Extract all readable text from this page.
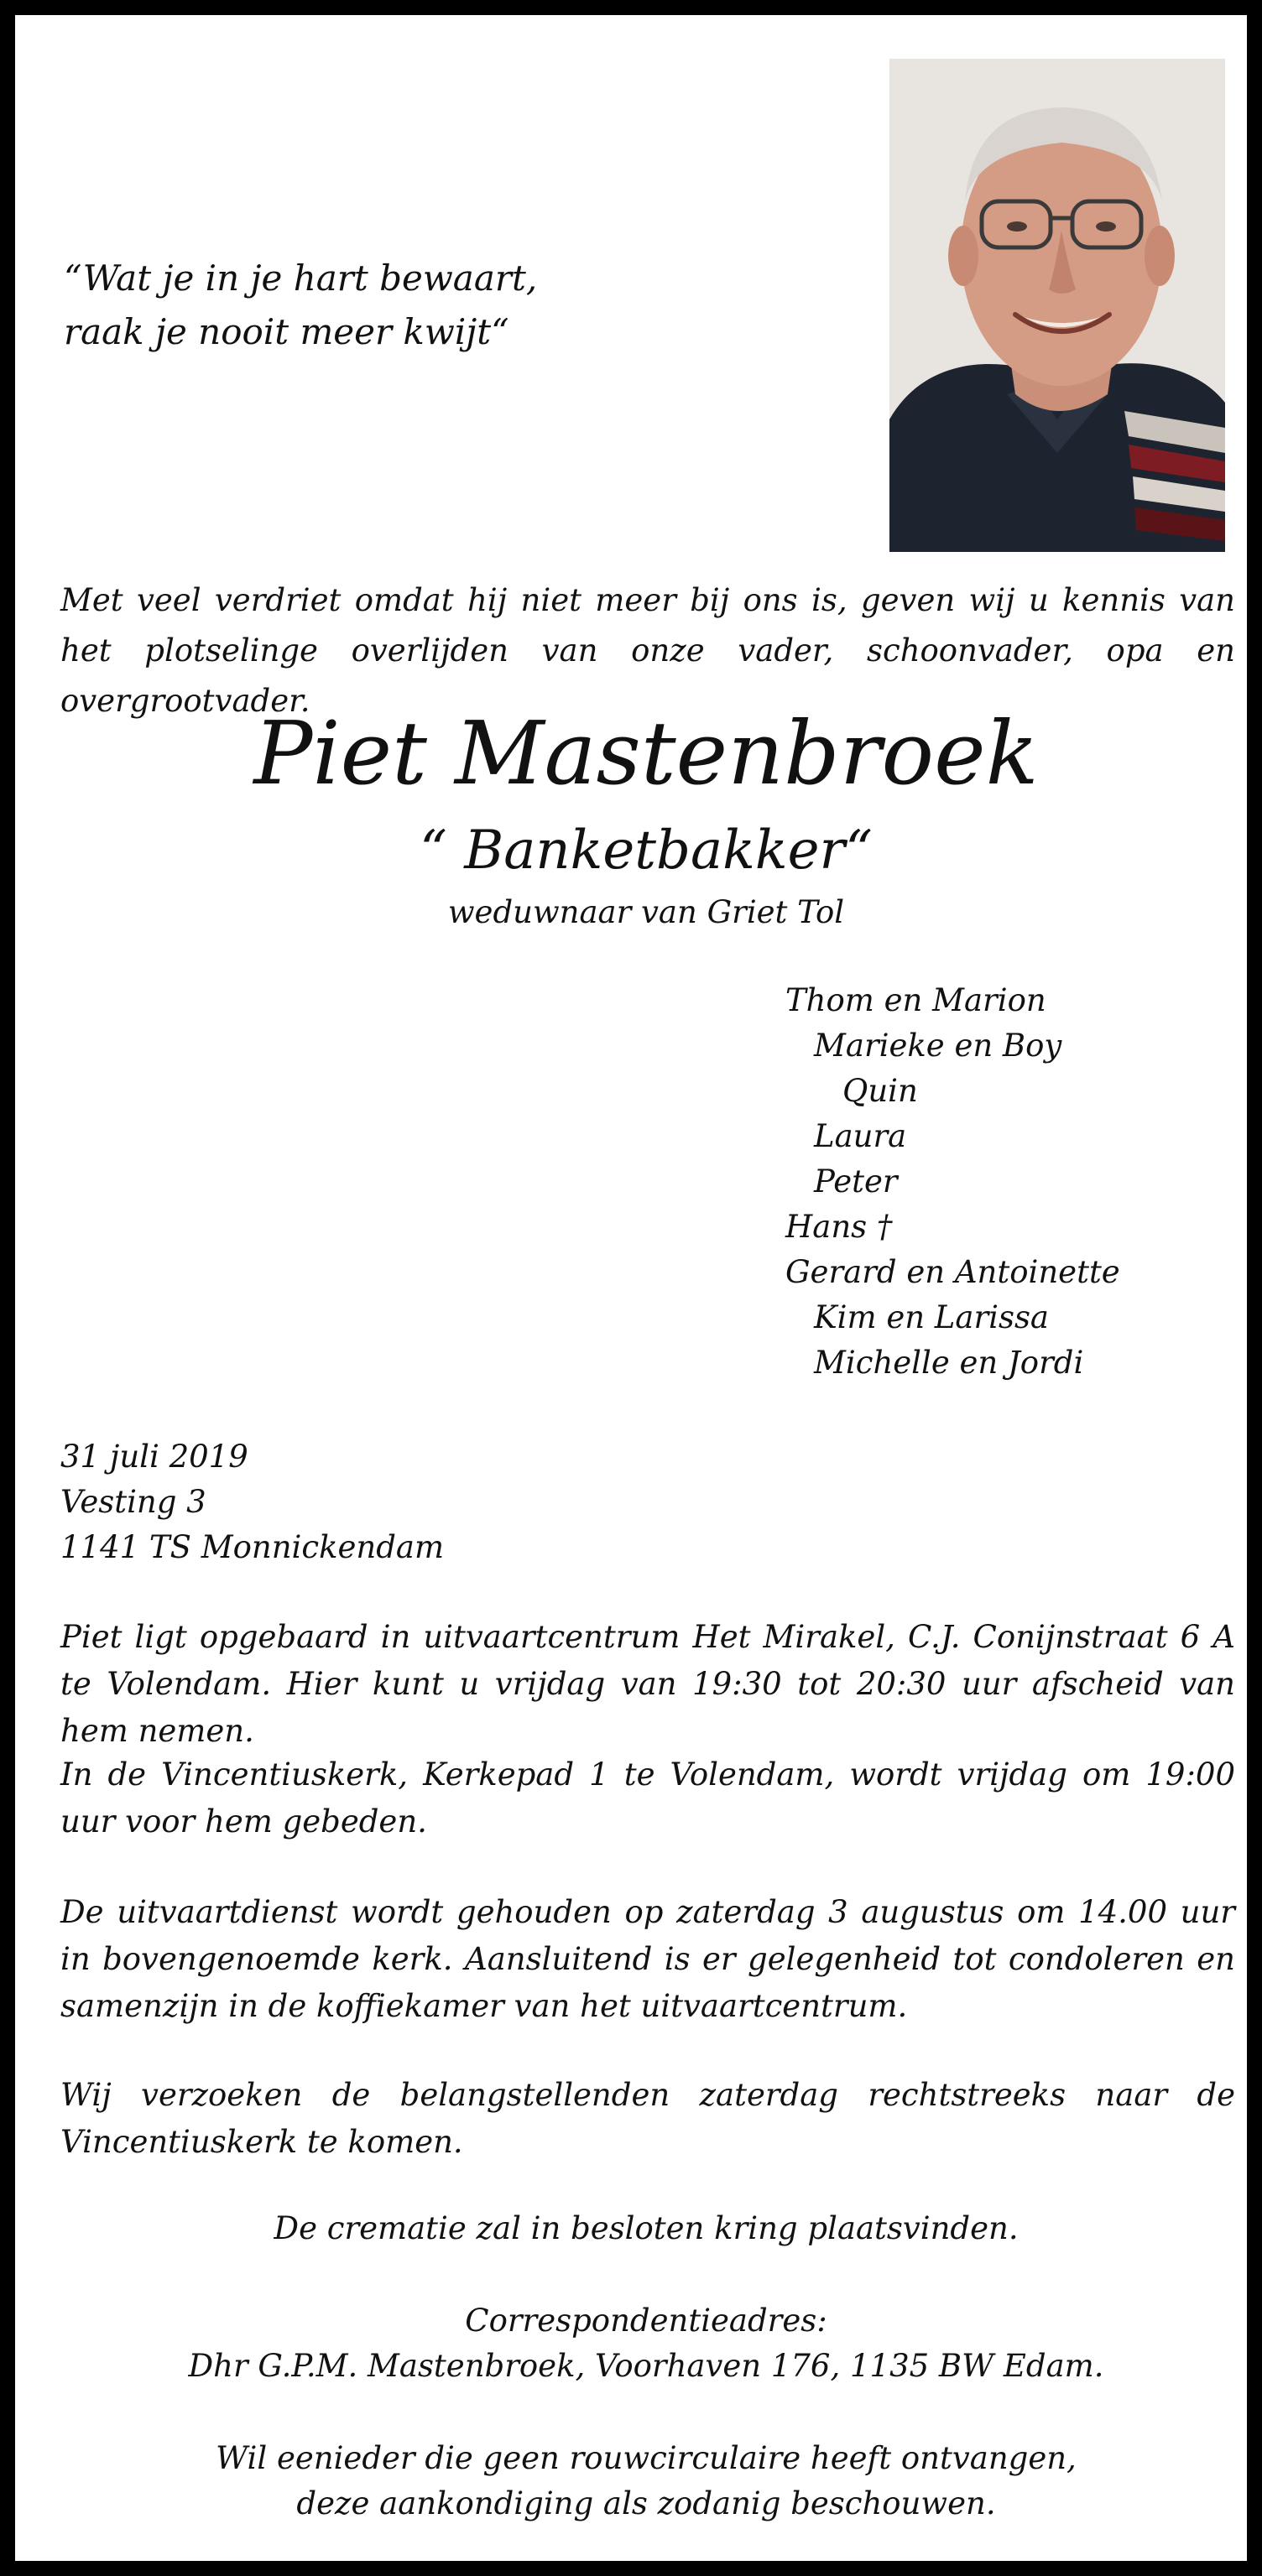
“Wat je in je hart bewaart,
raak je nooit meer kwijt“
Met veel verdriet omdat hij niet meer bij ons is, geven wij u kennis van het plotselinge overlijden van onze vader, schoonvader, opa en overgrootvader.
Piet Mastenbroek
“ Banketbakker“
weduwnaar van Griet Tol
Thom en Marion
Marieke en Boy
Quin
Laura
Peter
Hans †
Gerard en Antoinette
Kim en Larissa
Michelle en Jordi
31 juli 2019
Vesting 3
1141 TS Monnickendam
Piet ligt opgebaard in uitvaartcentrum Het Mirakel, C.J. Conijnstraat 6 A te Volendam. Hier kunt u vrijdag van 19:30 tot 20:30 uur afscheid van hem nemen.
In de Vincentiuskerk, Kerkepad 1 te Volendam, wordt vrijdag om 19:00 uur voor hem gebeden.
De uitvaartdienst wordt gehouden op zaterdag 3 augustus om 14.00 uur in bovengenoemde kerk. Aansluitend is er gelegenheid tot condoleren en samenzijn in de koffiekamer van het uitvaartcentrum.
Wij verzoeken de belangstellenden zaterdag rechtstreeks naar de Vincentiuskerk te komen.
De crematie zal in besloten kring plaatsvinden.
Correspondentieadres:
Dhr G.P.M. Mastenbroek, Voorhaven 176, 1135 BW Edam.
Wil eenieder die geen rouwcirculaire heeft ontvangen,
deze aankondiging als zodanig beschouwen.
